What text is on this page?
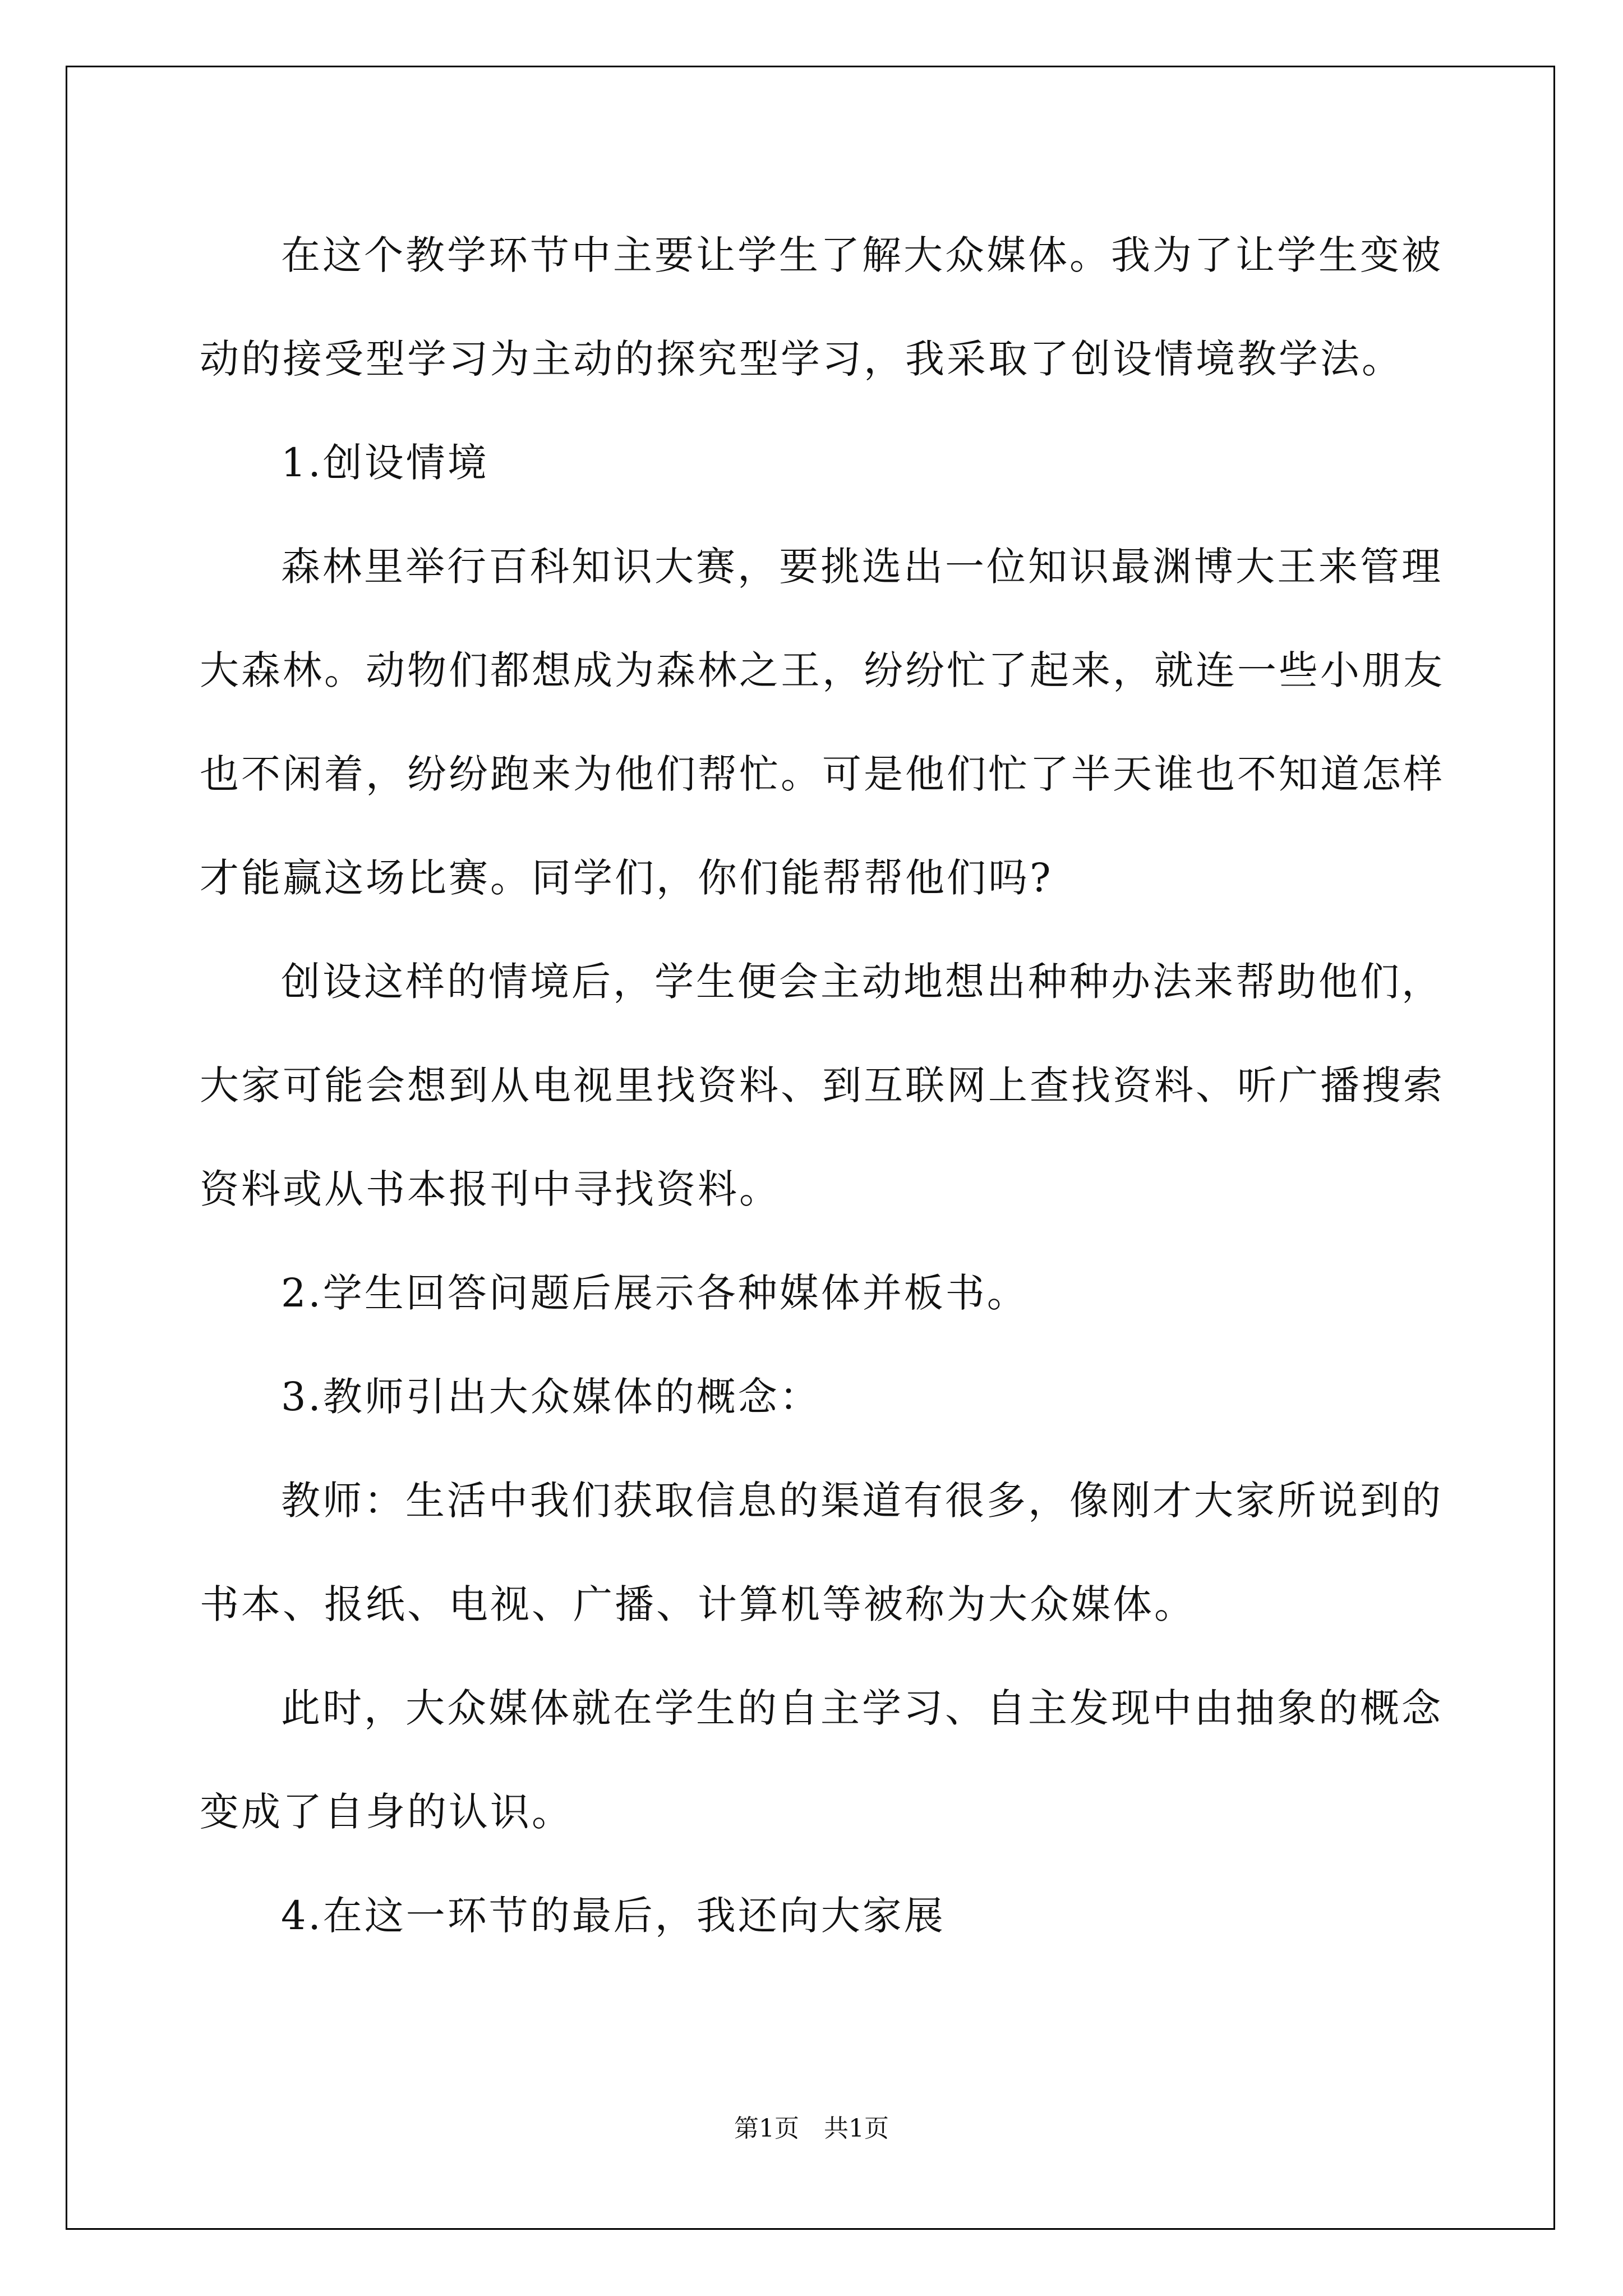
在这个教学环节中主要让学生了解大众媒体。我为了让学生变被
动的接受型学习为主动的探究型学习，我采取了创设情境教学法。
1.创设情境
森林里举行百科知识大赛，要挑选出一位知识最渊博大王来管理
大森林。动物们都想成为森林之王，纷纷忙了起来，就连一些小朋友
也不闲着，纷纷跑来为他们帮忙。可是他们忙了半天谁也不知道怎样
才能赢这场比赛。同学们，你们能帮帮他们吗?
创设这样的情境后，学生便会主动地想出种种办法来帮助他们，
大家可能会想到从电视里找资料、到互联网上查找资料、听广播搜索
资料或从书本报刊中寻找资料。
2.学生回答问题后展示各种媒体并板书。
3.教师引出大众媒体的概念：
教师：生活中我们获取信息的渠道有很多，像刚才大家所说到的
书本、报纸、电视、广播、计算机等被称为大众媒体。
此时，大众媒体就在学生的自主学习、自主发现中由抽象的概念
变成了自身的认识。
4.在这一环节的最后，我还向大家展
第1页　共1页
